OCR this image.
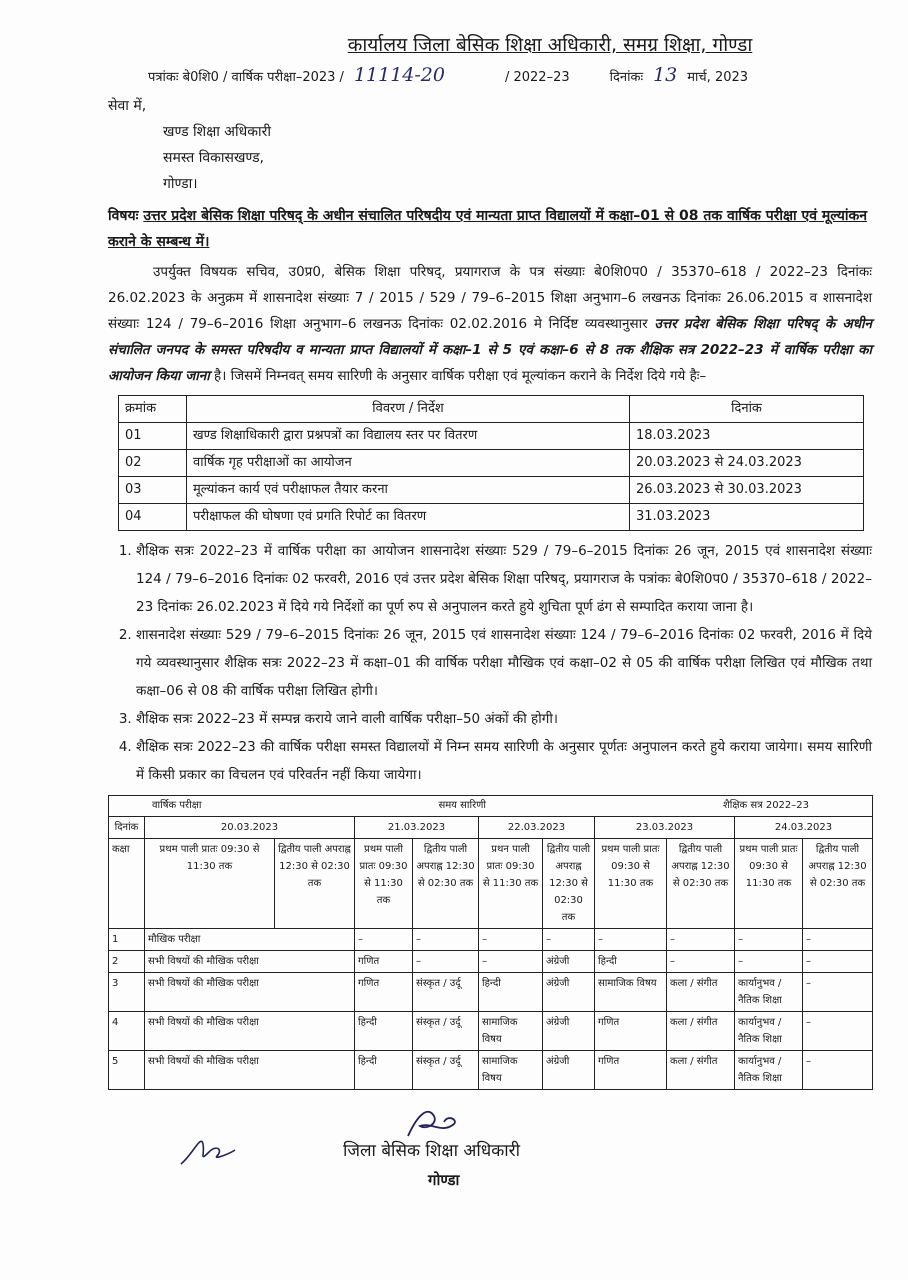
कार्यालय जिला बेसिक शिक्षा अधिकारी, समग्र शिक्षा, गोण्डा
पत्रांकः बे0शि0 / वार्षिक परीक्षा–2023 / 11114-20	/ 2022–23	दिनांकः 13 मार्च, 2023
सेवा में,
खण्ड शिक्षा अधिकारी
समस्त विकासखण्ड,
गोण्डा।
विषयः उत्तर प्रदेश बेसिक शिक्षा परिषद् के अधीन संचालित परिषदीय एवं मान्यता प्राप्त विद्यालयों में कक्षा–01 से 08 तक वार्षिक परीक्षा एवं मूल्यांकन कराने के सम्बन्ध में।
उपर्युक्त विषयक सचिव, उ0प्र0, बेसिक शिक्षा परिषद्, प्रयागराज के पत्र संख्याः बे0शि0प0 / 35370–618 / 2022–23 दिनांकः 26.02.2023 के अनुक्रम में शासनादेश संख्याः 7 / 2015 / 529 / 79–6–2015 शिक्षा अनुभाग–6 लखनऊ दिनांकः 26.06.2015 व शासनादेश संख्याः 124 / 79–6–2016 शिक्षा अनुभाग–6 लखनऊ दिनांकः 02.02.2016 मे निर्दिष्ट व्यवस्थानुसार उत्तर प्रदेश बेसिक शिक्षा परिषद् के अधीन संचालित जनपद के समस्त परिषदीय व मान्यता प्राप्त विद्यालयों में कक्षा–1 से 5 एवं कक्षा–6 से 8 तक शैक्षिक सत्र 2022–23 में वार्षिक परीक्षा का आयोजन किया जाना है। जिसमें निम्नवत् समय सारिणी के अनुसार वार्षिक परीक्षा एवं मूल्यांकन कराने के निर्देश दिये गये हैः–
क्रमांक	विवरण / निर्देश	दिनांक
01	खण्ड शिक्षाधिकारी द्वारा प्रश्नपत्रों का विद्यालय स्तर पर वितरण	18.03.2023
02	वार्षिक गृह परीक्षाओं का आयोजन	20.03.2023 से 24.03.2023
03	मूल्यांकन कार्य एवं परीक्षाफल तैयार करना	26.03.2023 से 30.03.2023
04	परीक्षाफल की घोषणा एवं प्रगति रिपोर्ट का वितरण	31.03.2023
1. शैक्षिक सत्रः 2022–23 में वार्षिक परीक्षा का आयोजन शासनादेश संख्याः 529 / 79–6–2015 दिनांकः 26 जून, 2015 एवं शासनादेश संख्याः 124 / 79–6–2016 दिनांकः 02 फरवरी, 2016 एवं उत्तर प्रदेश बेसिक शिक्षा परिषद्, प्रयागराज के पत्रांकः बे0शि0प0 / 35370–618 / 2022–23 दिनांकः 26.02.2023 में दिये गये निर्देशों का पूर्ण रुप से अनुपालन करते हुये शुचिता पूर्ण ढंग से सम्पादित कराया जाना है।
2. शासनादेश संख्याः 529 / 79–6–2015 दिनांकः 26 जून, 2015 एवं शासनादेश संख्याः 124 / 79–6–2016 दिनांकः 02 फरवरी, 2016 में दिये गये व्यवस्थानुसार शैक्षिक सत्रः 2022–23 में कक्षा–01 की वार्षिक परीक्षा मौखिक एवं कक्षा–02 से 05 की वार्षिक परीक्षा लिखित एवं मौखिक तथा कक्षा–06 से 08 की वार्षिक परीक्षा लिखित होगी।
3. शैक्षिक सत्रः 2022–23 में सम्पन्न कराये जाने वाली वार्षिक परीक्षा–50 अंकों की होगी।
4. शैक्षिक सत्रः 2022–23 की वार्षिक परीक्षा समस्त विद्यालयों में निम्न समय सारिणी के अनुसार पूर्णतः अनुपालन करते हुये कराया जायेगा। समय सारिणी में किसी प्रकार का विचलन एवं परिवर्तन नहीं किया जायेगा।
वार्षिक परीक्षा समय सारिणी शैक्षिक सत्र 2022–23										

दिनांक	20.03.2023		21.03.2023		22.03.2023		23.03.2023		24.03.2023	
कक्षा	प्रथम पाली प्रातः 09:30 से 11:30 तक	द्वितीय पाली अपराह्न 12:30 से 02:30 तक	प्रथम पाली प्रातः 09:30 से 11:30 तक	द्वितीय पाली अपराह्न 12:30 से 02:30 तक	प्रथन पाली प्रातः 09:30 से 11:30 तक	द्वितीय पाली अपराह्न 12:30 से 02:30 तक	प्रथम पाली प्रातः 09:30 से 11:30 तक	द्वितीय पाली अपराह्न 12:30 से 02:30 तक	प्रथम पाली प्रातः 09:30 से 11:30 तक	द्वितीय पाली अपराह्न 12:30 से 02:30 तक
1	मौखिक परीक्षा		–	–	–	–	–	–	–	–
2	सभी विषयों की मौखिक परीक्षा		गणित	–	–	अंग्रेजी	हिन्दी	–	–	–
3	सभी विषयों की मौखिक परीक्षा		गणित	संस्कृत / उर्दू	हिन्दी	अंग्रेजी	सामाजिक विषय	कला / संगीत	कार्यानुभव / नैतिक शिक्षा	–
4	सभी विषयों की मौखिक परीक्षा		हिन्दी	संस्कृत / उर्दू	सामाजिक विषय	अंग्रेजी	गणित	कला / संगीत	कार्यानुभव / नैतिक शिक्षा	–
5	सभी विषयों की मौखिक परीक्षा		हिन्दी	संस्कृत / उर्दू	सामाजिक विषय	अंग्रेजी	गणित	कला / संगीत	कार्यानुभव / नैतिक शिक्षा	–
जिला बेसिक शिक्षा अधिकारी
गोण्डा
